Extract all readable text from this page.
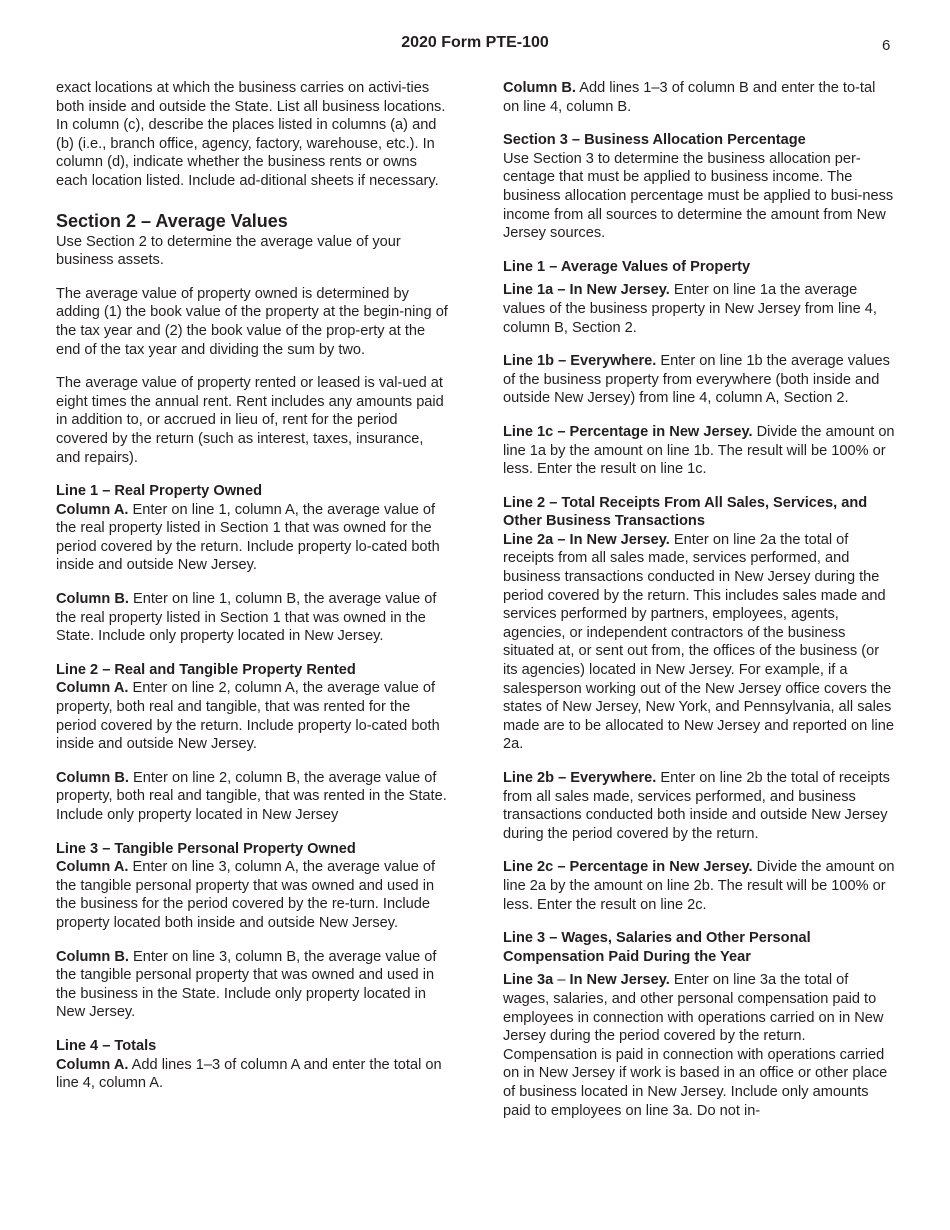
2020 Form PTE-100	6

exact locations at which the business carries on activi-ties both inside and outside the State. List all business locations. In column (c), describe the places listed in columns (a) and (b) (i.e., branch office, agency, factory, warehouse, etc.). In column (d), indicate whether the business rents or owns each location listed. Include ad-ditional sheets if necessary.

Section 2 – Average Values

Use Section 2 to determine the average value of your business assets.

The average value of property owned is determined by adding (1) the book value of the property at the begin-ning of the tax year and (2) the book value of the prop-erty at the end of the tax year and dividing the sum by two.

The average value of property rented or leased is val-ued at eight times the annual rent. Rent includes any amounts paid in addition to, or accrued in lieu of, rent for the period covered by the return (such as interest, taxes, insurance, and repairs).

Line 1 – Real Property Owned

Column A. Enter on line 1, column A, the average value of the real property listed in Section 1 that was owned for the period covered by the return. Include property lo-cated both inside and outside New Jersey.

Column B. Enter on line 1, column B, the average value of the real property listed in Section 1 that was owned in the State. Include only property located in New Jersey.

Line 2 – Real and Tangible Property Rented

Column A. Enter on line 2, column A, the average value of property, both real and tangible, that was rented for the period covered by the return. Include property lo-cated both inside and outside New Jersey.

Column B. Enter on line 2, column B, the average value of property, both real and tangible, that was rented in the State. Include only property located in New Jersey

Line 3 – Tangible Personal Property Owned

Column A. Enter on line 3, column A, the average value of the tangible personal property that was owned and used in the business for the period covered by the re-turn. Include property located both inside and outside New Jersey.

Column B. Enter on line 3, column B, the average value of the tangible personal property that was owned and used in the business in the State. Include only property located in New Jersey.

Line 4 – Totals

Column A. Add lines 1–3 of column A and enter the total on line 4, column A.

Column B. Add lines 1–3 of column B and enter the to-tal on line 4, column B.

Section 3 – Business Allocation Percentage

Use Section 3 to determine the business allocation per-centage that must be applied to business income. The business allocation percentage must be applied to busi-ness income from all sources to determine the amount from New Jersey sources.

Line 1 – Average Values of Property

Line 1a – In New Jersey. Enter on line 1a the average values of the business property in New Jersey from line 4, column B, Section 2.

Line 1b – Everywhere. Enter on line 1b the average values of the business property from everywhere (both inside and outside New Jersey) from line 4, column A, Section 2.

Line 1c – Percentage in New Jersey. Divide the amount on line 1a by the amount on line 1b. The result will be 100% or less. Enter the result on line 1c.

Line 2 – Total Receipts From All Sales, Services, and Other Business Transactions

Line 2a – In New Jersey. Enter on line 2a the total of receipts from all sales made, services performed, and business transactions conducted in New Jersey during the period covered by the return. This includes sales made and services performed by partners, employees, agents, agencies, or independent contractors of the business situated at, or sent out from, the offices of the business (or its agencies) located in New Jersey. For example, if a salesperson working out of the New Jersey office covers the states of New Jersey, New York, and Pennsylvania, all sales made are to be allocated to New Jersey and reported on line 2a.

Line 2b – Everywhere. Enter on line 2b the total of receipts from all sales made, services performed, and business transactions conducted both inside and outside New Jersey during the period covered by the return.

Line 2c – Percentage in New Jersey. Divide the amount on line 2a by the amount on line 2b. The result will be 100% or less. Enter the result on line 2c.

Line 3 – Wages, Salaries and Other Personal Compensation Paid During the Year

Line 3a – In New Jersey. Enter on line 3a the total of wages, salaries, and other personal compensation paid to employees in connection with operations carried on in New Jersey during the period covered by the return. Compensation is paid in connection with operations carried on in New Jersey if work is based in an office or other place of business located in New Jersey. Include only amounts paid to employees on line 3a. Do not in-
